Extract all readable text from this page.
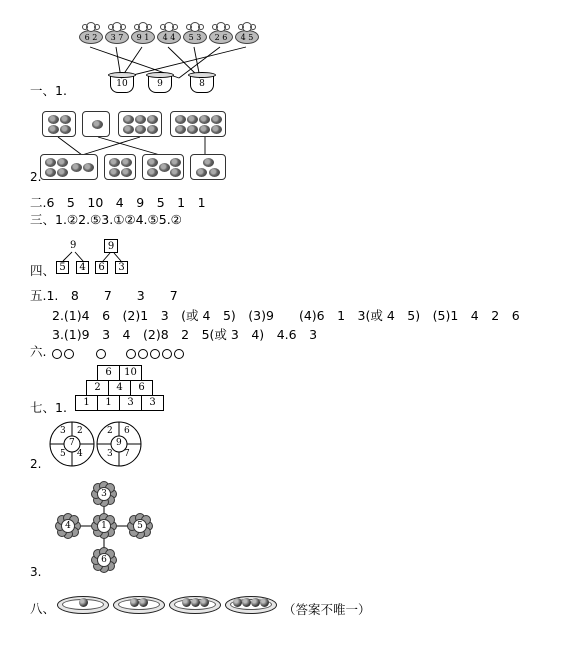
6 2	3 7	9 1	4 4	5 3	2 6	4 5
10	9	8
一、1.
2.
二.6　5　10　4　9　5　1　1
三、1.②2.⑤3.①②4.⑤5.②
四、
9
5	4
9
6	3
五.1.　8　　7　　3　　7
2.(1)4　6　(2)1　3　(或 4　5)　(3)9　　(4)6　1　3(或 4　5)　(5)1　4　2　6
3.(1)9　3　4　(2)8　2　5(或 3　4)　4.6　3
六.

6	10
2	4	6
1	1	3	3
七、1.
3 2
7
5 4
2 6
9
3 7
2.
3
4	1	5
6
3.
八、	（答案不唯一）
